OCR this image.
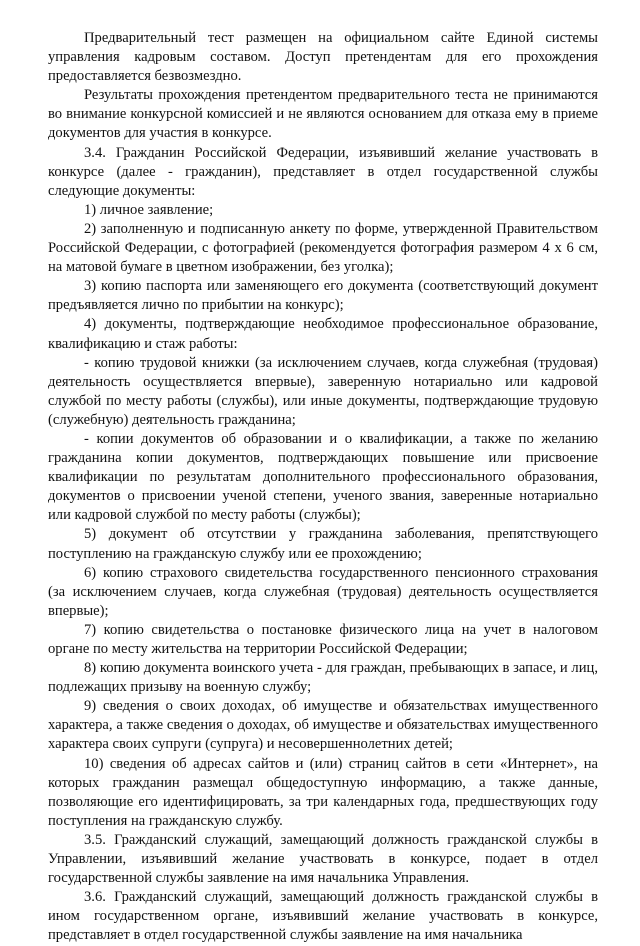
Предварительный тест размещен на официальном сайте Единой системы управления кадровым составом. Доступ претендентам для его прохождения предоставляется безвозмездно.

Результаты прохождения претендентом предварительного теста не принимаются во внимание конкурсной комиссией и не являются основанием для отказа ему в приеме документов для участия в конкурсе.

3.4. Гражданин Российской Федерации, изъявивший желание участвовать в конкурсе (далее - гражданин), представляет в отдел государственной службы следующие документы:

1) личное заявление;

2) заполненную и подписанную анкету по форме, утвержденной Правительством Российской Федерации, с фотографией (рекомендуется фотография размером 4 х 6 см, на матовой бумаге в цветном изображении, без уголка);

3) копию паспорта или заменяющего его документа (соответствующий документ предъявляется лично по прибытии на конкурс);

4) документы, подтверждающие необходимое профессиональное образование, квалификацию и стаж работы:

- копию трудовой книжки (за исключением случаев, когда служебная (трудовая) деятельность осуществляется впервые), заверенную нотариально или кадровой службой по месту работы (службы), или иные документы, подтверждающие трудовую (служебную) деятельность гражданина;

- копии документов об образовании и о квалификации, а также по желанию гражданина копии документов, подтверждающих повышение или присвоение квалификации по результатам дополнительного профессионального образования, документов о присвоении ученой степени, ученого звания, заверенные нотариально или кадровой службой по месту работы (службы);

5) документ об отсутствии у гражданина заболевания, препятствующего поступлению на гражданскую службу или ее прохождению;

6) копию страхового свидетельства государственного пенсионного страхования (за исключением случаев, когда служебная (трудовая) деятельность осуществляется впервые);

7) копию свидетельства о постановке физического лица на учет в налоговом органе по месту жительства на территории Российской Федерации;

8) копию документа воинского учета - для граждан, пребывающих в запасе, и лиц, подлежащих призыву на военную службу;

9) сведения о своих доходах, об имуществе и обязательствах имущественного характера, а также сведения о доходах, об имуществе и обязательствах имущественного характера своих супруги (супруга) и несовершеннолетних детей;

10) сведения об адресах сайтов и (или) страниц сайтов в сети «Интернет», на которых гражданин размещал общедоступную информацию, а также данные, позволяющие его идентифицировать, за три календарных года, предшествующих году поступления на гражданскую службу.

3.5. Гражданский служащий, замещающий должность гражданской службы в Управлении, изъявивший желание участвовать в конкурсе, подает в отдел государственной службы заявление на имя начальника Управления.

3.6. Гражданский служащий, замещающий должность гражданской службы в ином государственном органе, изъявивший желание участвовать в конкурсе, представляет в отдел государственной службы заявление на имя начальника
